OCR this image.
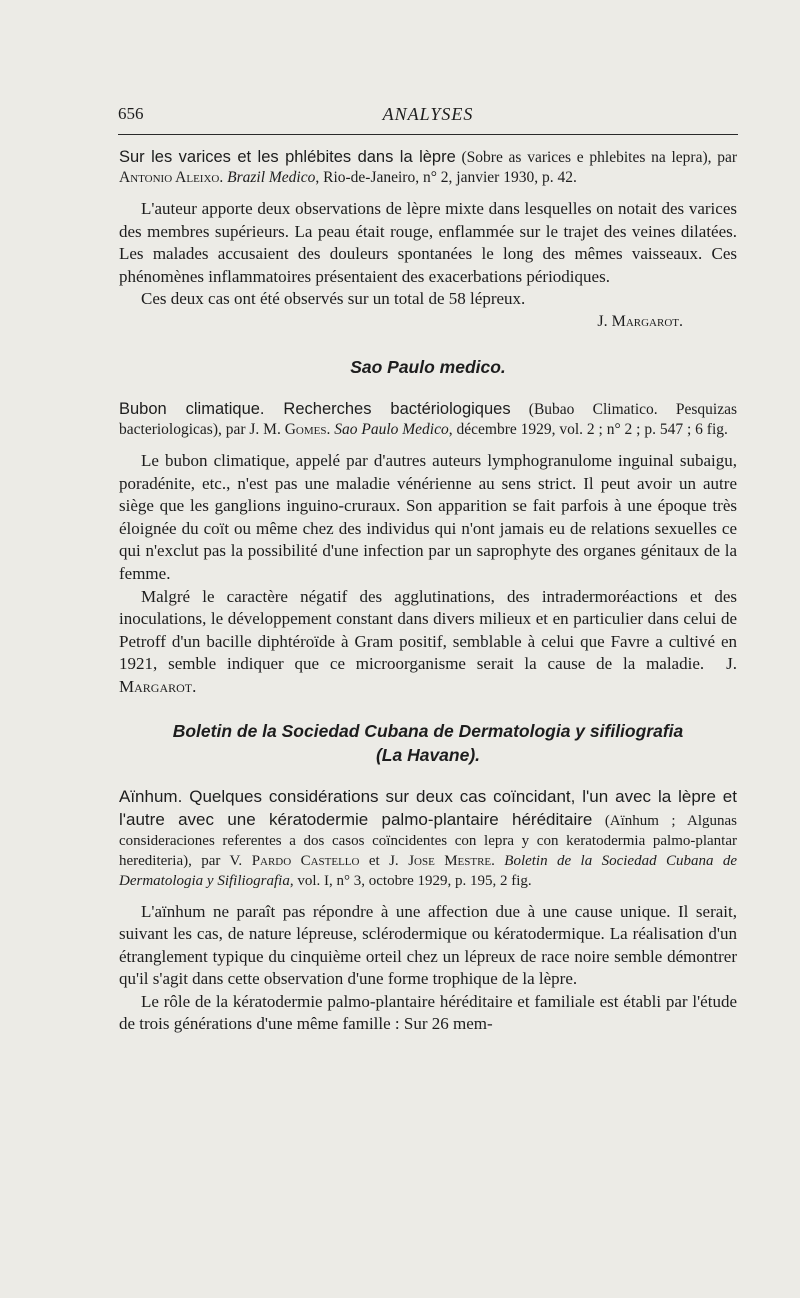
656	ANALYSES

Sur les varices et les phlébites dans la lèpre (Sobre as varices e phlebites na lepra), par Antonio Aleixo. Brazil Medico, Rio-de-Janeiro, n° 2, janvier 1930, p. 42.

L'auteur apporte deux observations de lèpre mixte dans lesquelles on notait des varices des membres supérieurs. La peau était rouge, enflammée sur le trajet des veines dilatées. Les malades accusaient des douleurs spontanées le long des mêmes vaisseaux. Ces phénomènes inflammatoires présentaient des exacerbations périodiques.

Ces deux cas ont été observés sur un total de 58 lépreux.

J. Margarot.

Sao Paulo medico.

Bubon climatique. Recherches bactériologiques (Bubao Climatico. Pesquizas bacteriologicas), par J. M. Gomes. Sao Paulo Medico, décembre 1929, vol. 2 ; n° 2 ; p. 547 ; 6 fig.

Le bubon climatique, appelé par d'autres auteurs lymphogranulome inguinal subaigu, poradénite, etc., n'est pas une maladie vénérienne au sens strict. Il peut avoir un autre siège que les ganglions inguino-cruraux. Son apparition se fait parfois à une époque très éloignée du coït ou même chez des individus qui n'ont jamais eu de relations sexuelles ce qui n'exclut pas la possibilité d'une infection par un saprophyte des organes génitaux de la femme.

Malgré le caractère négatif des agglutinations, des intradermoréactions et des inoculations, le développement constant dans divers milieux et en particulier dans celui de Petroff d'un bacille diphtéroïde à Gram positif, semblable à celui que Favre a cultivé en 1921, semble indiquer que ce microorganisme serait la cause de la maladie. J. Margarot.

Boletin de la Sociedad Cubana de Dermatologia y sifiliografia
(La Havane).

Aïnhum. Quelques considérations sur deux cas coïncidant, l'un avec la lèpre et l'autre avec une kératodermie palmo-plantaire héréditaire (Aïnhum ; Algunas consideraciones referentes a dos casos coïncidentes con lepra y con keratodermia palmo-plantar herediteria), par V. Pardo Castello et J. Jose Mestre. Boletin de la Sociedad Cubana de Dermatologia y Sifiliografia, vol. I, n° 3, octobre 1929, p. 195, 2 fig.

L'aïnhum ne paraît pas répondre à une affection due à une cause unique. Il serait, suivant les cas, de nature lépreuse, sclérodermique ou kératodermique. La réalisation d'un étranglement typique du cinquième orteil chez un lépreux de race noire semble démontrer qu'il s'agit dans cette observation d'une forme trophique de la lèpre.

Le rôle de la kératodermie palmo-plantaire héréditaire et familiale est établi par l'étude de trois générations d'une même famille : Sur 26 mem-
